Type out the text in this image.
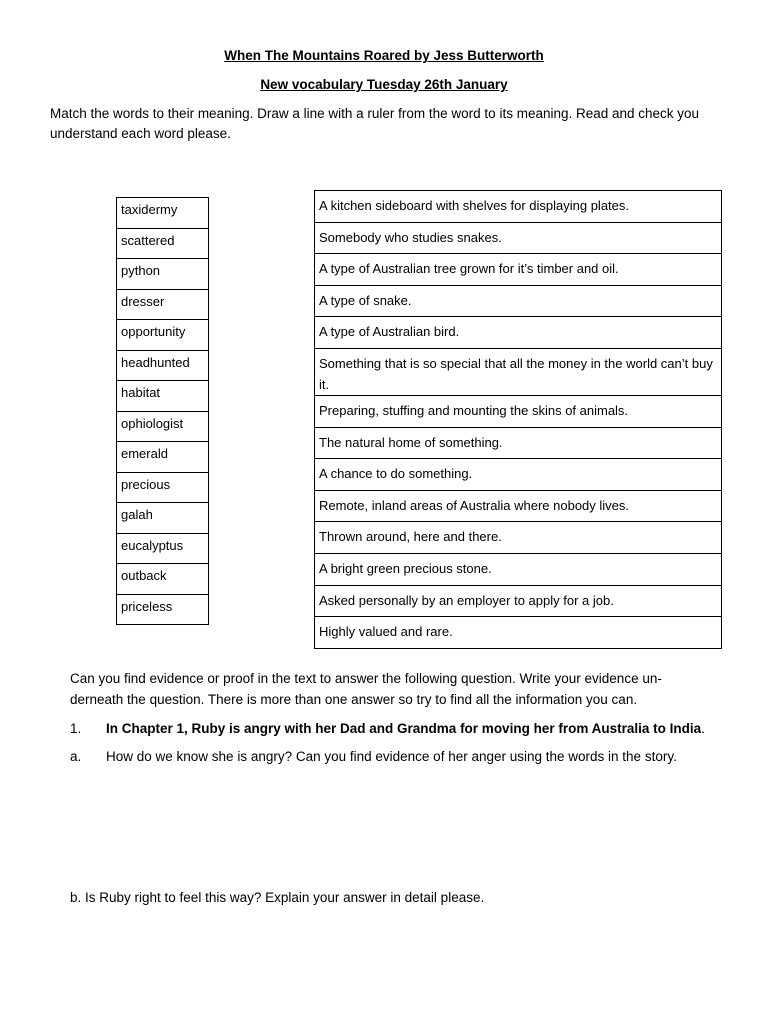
When The Mountains Roared by Jess Butterworth
New vocabulary Tuesday 26th January
Match the words to their meaning. Draw a line with a ruler from the word to its meaning. Read and check you understand each word please.
taxidermy
scattered
python
dresser
opportunity
headhunted
habitat
ophiologist
emerald
precious
galah
eucalyptus
outback
priceless
A kitchen sideboard with shelves for displaying plates.
Somebody who studies snakes.
A type of Australian tree grown for it’s timber and oil.
A type of snake.
A type of Australian bird.
Something that is so special that all the money in the world can’t buy it.
Preparing, stuffing and mounting the skins of animals.
The natural home of something.
A chance to do something.
Remote, inland areas of Australia where nobody lives.
Thrown around, here and there.
A bright green precious stone.
Asked personally by an employer to apply for a job.
Highly valued and rare.
Can you find evidence or proof in the text to answer the following question. Write your evidence un-derneath the question. There is more than one answer so try to find all the information you can.
1. In Chapter 1, Ruby is angry with her Dad and Grandma for moving her from Australia to India.
a. How do we know she is angry? Can you find evidence of her anger using the words in the story.
b. Is Ruby right to feel this way? Explain your answer in detail please.
